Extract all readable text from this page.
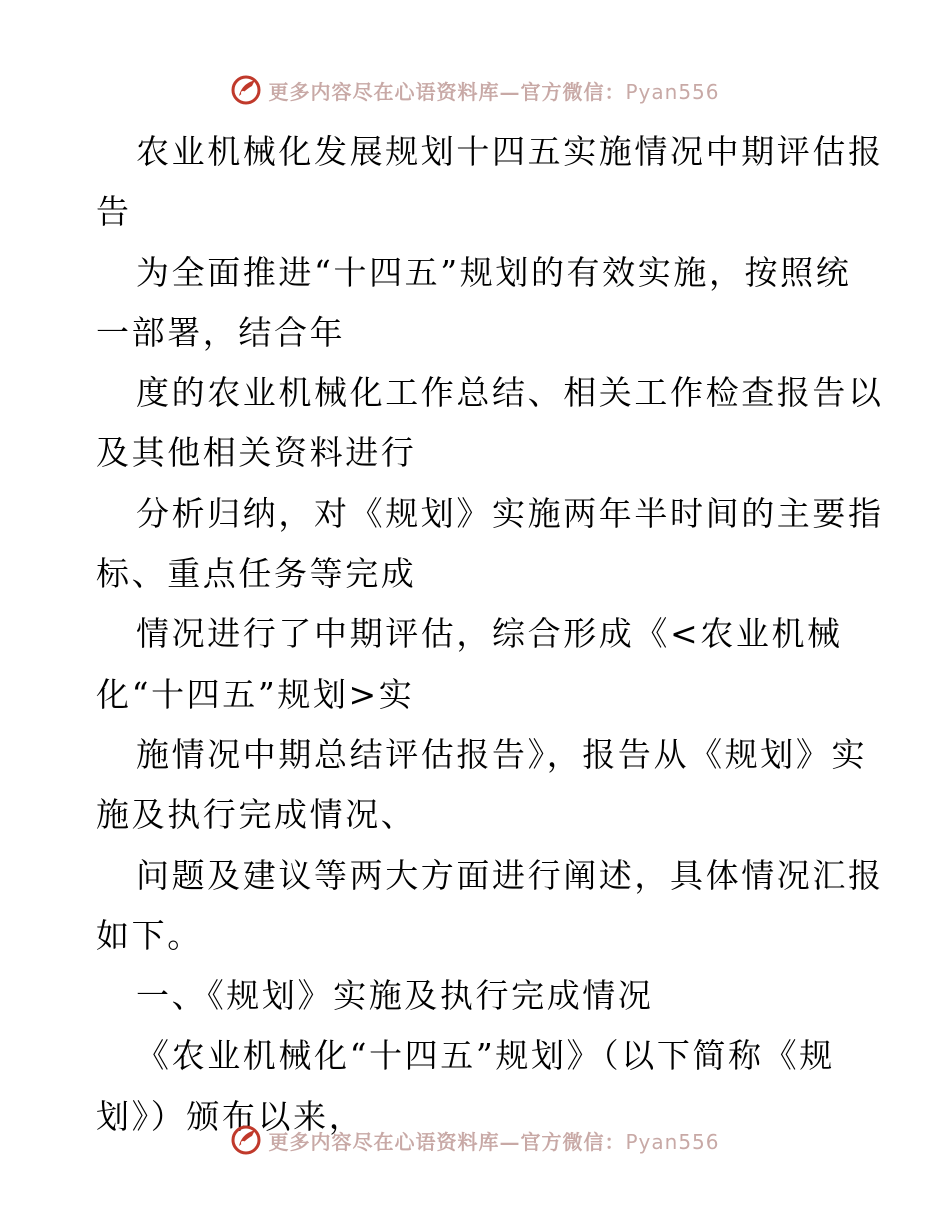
更多内容尽在心语资料库—官方微信：Pyan556
农业机械化发展规划十四五实施情况中期评估报
告
为全面推进“十四五”规划的有效实施，按照统
一部署，结合年
度的农业机械化工作总结、相关工作检查报告以
及其他相关资料进行
分析归纳，对《规划》实施两年半时间的主要指
标、重点任务等完成
情况进行了中期评估，综合形成《<农业机械
化“十四五”规划>实
施情况中期总结评估报告》，报告从《规划》实
施及执行完成情况、
问题及建议等两大方面进行阐述，具体情况汇报
如下。
一、《规划》实施及执行完成情况
《农业机械化“十四五”规划》（以下简称《规
划》）颁布以来，
更多内容尽在心语资料库—官方微信：Pyan556
